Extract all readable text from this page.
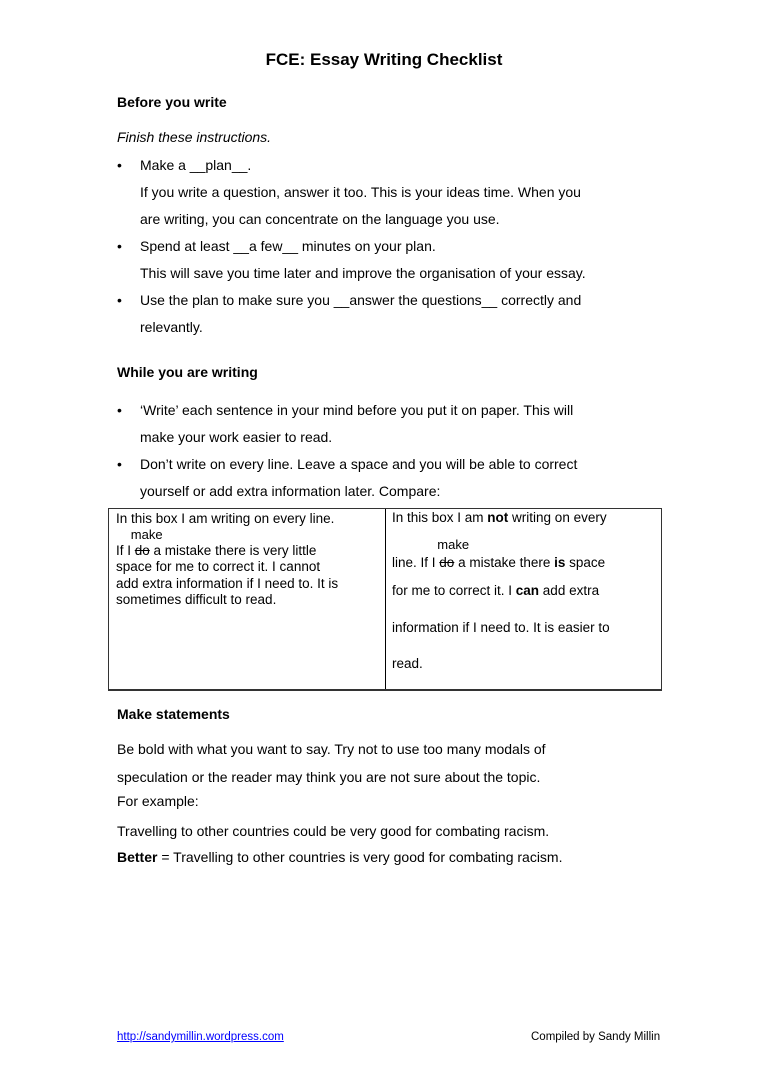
FCE: Essay Writing Checklist
Before you write
Finish these instructions.
• Make a __plan__.
If you write a question, answer it too. This is your ideas time. When you
are writing, you can concentrate on the language you use.
• Spend at least __a few__ minutes on your plan.
This will save you time later and improve the organisation of your essay.
• Use the plan to make sure you __answer the questions__ correctly and
relevantly.
While you are writing
• ‘Write’ each sentence in your mind before you put it on paper. This will
make your work easier to read.
• Don’t write on every line. Leave a space and you will be able to correct
yourself or add extra information later. Compare:
In this box I am writing on every line.
If I
make
do a mistake there is very little
space for me to correct it. I cannot
add extra information if I need to. It is
sometimes difficult to read.
In this box I am not writing on every
line. If I
make
do a mistake there is space
for me to correct it. I can add extra
information if I need to. It is easier to
read.
Make statements
Be bold with what you want to say. Try not to use too many modals of
speculation or the reader may think you are not sure about the topic.
For example:
Travelling to other countries could be very good for combating racism.
Better = Travelling to other countries is very good for combating racism.
http://sandymillin.wordpress.com	Compiled by Sandy Millin
